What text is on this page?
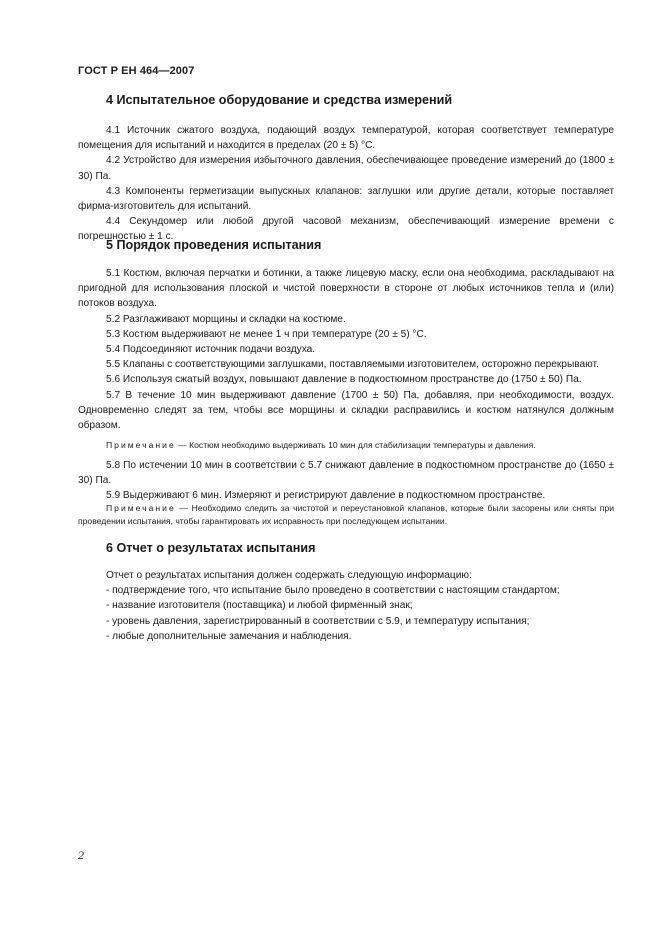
ГОСТ Р ЕН 464—2007
4 Испытательное оборудование и средства измерений

4.1 Источник сжатого воздуха, подающий воздух температурой, которая соответствует температуре помещения для испытаний и находится в пределах (20 ± 5) °С.

4.2 Устройство для измерения избыточного давления, обеспечивающее проведение измерений до (1800 ± 30) Па.

4.3 Компоненты герметизации выпускных клапанов: заглушки или другие детали, которые поставляет фирма-изготовитель для испытаний.

4.4 Секундомер или любой другой часовой механизм, обеспечивающий измерение времени с погрешностью ± 1 с.

5 Порядок проведения испытания

5.1 Костюм, включая перчатки и ботинки, а также лицевую маску, если она необходима, раскладывают на пригодной для использования плоской и чистой поверхности в стороне от любых источников тепла и (или) потоков воздуха.

5.2 Разглаживают морщины и складки на костюме.

5.3 Костюм выдерживают не менее 1 ч при температуре (20 ± 5) °С.

5.4 Подсоединяют источник подачи воздуха.

5.5 Клапаны с соответствующими заглушками, поставляемыми изготовителем, осторожно перекрывают.

5.6 Используя сжатый воздух, повышают давление в подкостюмном пространстве до (1750 ± 50) Па.

5.7 В течение 10 мин выдерживают давление (1700 ± 50) Па, добавляя, при необходимости, воздух. Одновременно следят за тем, чтобы все морщины и складки расправились и костюм натянулся должным образом.

Примечание — Костюм необходимо выдерживать 10 мин для стабилизации температуры и давления.

5.8 По истечении 10 мин в соответствии с 5.7 снижают давление в подкостюмном пространстве до (1650 ± 30) Па.

5.9 Выдерживают 6 мин. Измеряют и регистрируют давление в подкостюмном пространстве.

Примечание — Необходимо следить за чистотой и переустановкой клапанов, которые были засорены или сняты при проведении испытания, чтобы гарантировать их исправность при последующем испытании.

6 Отчет о результатах испытания
Отчет о результатах испытания должен содержать следующую информацию:
- подтверждение того, что испытание было проведено в соответствии с настоящим стандартом;
- название изготовителя (поставщика) и любой фирменный знак;
- уровень давления, зарегистрированный в соответствии с 5.9, и температуру испытания;
- любые дополнительные замечания и наблюдения.
2
